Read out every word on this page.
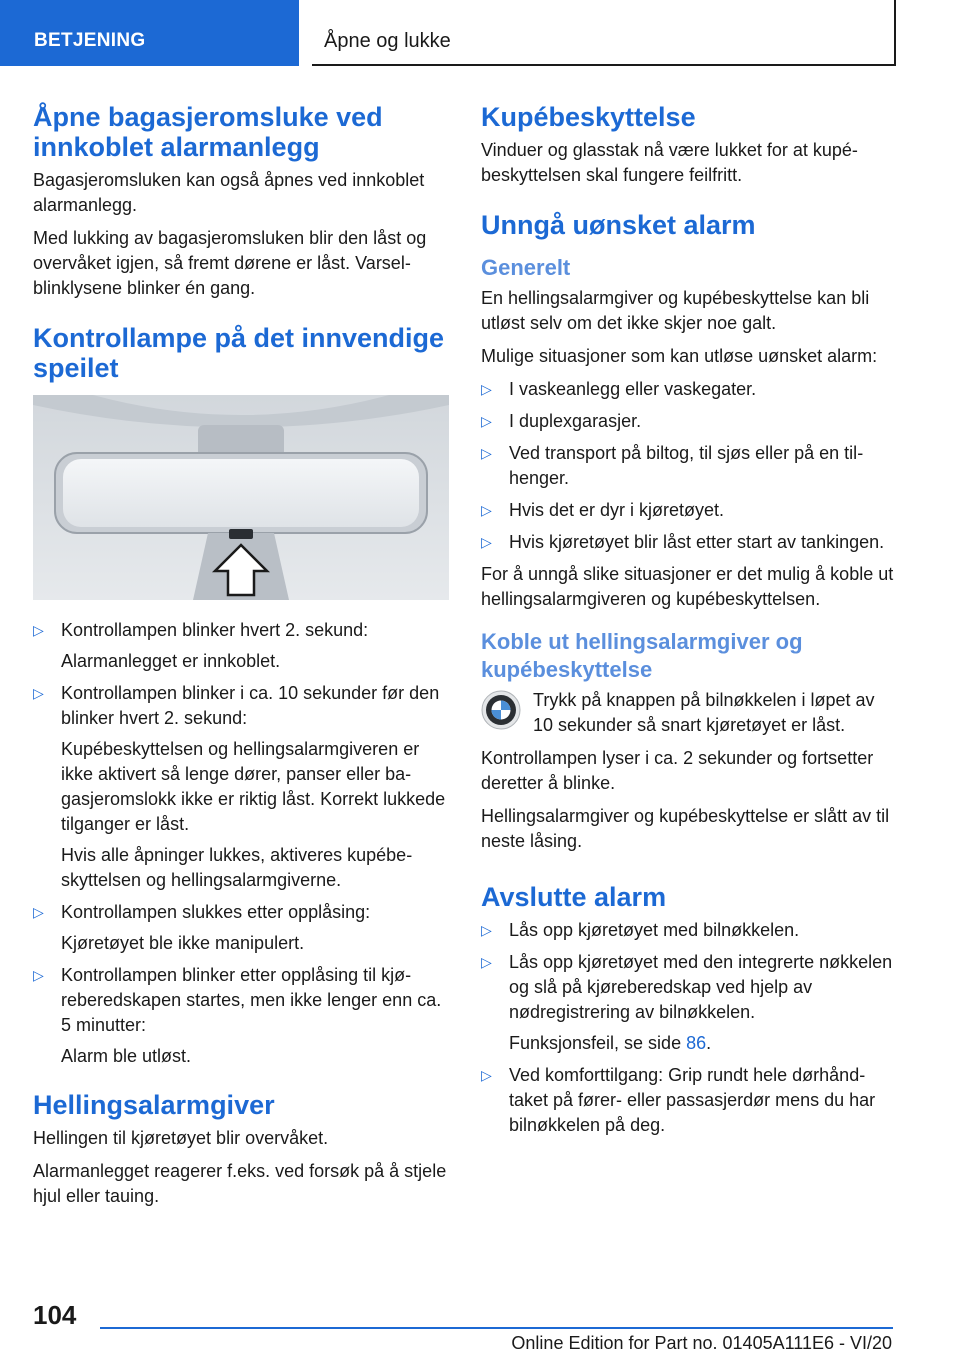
BETJENING	Åpne og lukke
Åpne bagasjeromsluke ved innkoblet alarmanlegg

Bagasjeromsluken kan også åpnes ved innkoblet alarmanlegg.

Med lukking av bagasjeromsluken blir den låst og overvåket igjen, så fremt dørene er låst. Varselblinklysene blinker én gang.

Kontrollampe på det innvendige speilet
▷ Kontrollampen blinker hvert 2. sekund:

Alarmanlegget er innkoblet.

▷ Kontrollampen blinker i ca. 10 sekunder før den blinker hvert 2. sekund:

Kupébeskyttelsen og hellingsalarmgiveren er ikke aktivert så lenge dører, panser eller bagasjeromslokk ikke er riktig låst. Korrekt lukkede tilganger er låst.

Hvis alle åpninger lukkes, aktiveres kupébeskyttelsen og hellingsalarmgiverne.

▷ Kontrollampen slukkes etter opplåsing:

Kjøretøyet ble ikke manipulert.

▷ Kontrollampen blinker etter opplåsing til kjøreberedskapen startes, men ikke lenger enn ca. 5 minutter:

Alarm ble utløst.

Hellingsalarmgiver

Hellingen til kjøretøyet blir overvåket.

Alarmanlegget reagerer f.eks. ved forsøk på å stjele hjul eller tauing.

Kupébeskyttelse

Vinduer og glasstak nå være lukket for at kupébeskyttelsen skal fungere feilfritt.

Unngå uønsket alarm
Generelt

En hellingsalarmgiver og kupébeskyttelse kan bli utløst selv om det ikke skjer noe galt.

Mulige situasjoner som kan utløse uønsket alarm:

▷ I vaskeanlegg eller vaskegater.
▷ I duplexgarasjer.
▷ Ved transport på biltog, til sjøs eller på en tilhenger.
▷ Hvis det er dyr i kjøretøyet.
▷ Hvis kjøretøyet blir låst etter start av tankingen.

For å unngå slike situasjoner er det mulig å koble ut hellingsalarmgiveren og kupébeskyttelsen.

Koble ut hellingsalarmgiver og kupébeskyttelse

Trykk på knappen på bilnøkkelen i løpet av 10 sekunder så snart kjøretøyet er låst.

Kontrollampen lyser i ca. 2 sekunder og fortsetter deretter å blinke.

Hellingsalarmgiver og kupébeskyttelse er slått av til neste låsing.

Avslutte alarm
▷ Lås opp kjøretøyet med bilnøkkelen.

▷ Lås opp kjøretøyet med den integrerte nøkkelen og slå på kjøreberedskap ved hjelp av nødregistrering av bilnøkkelen.

Funksjonsfeil, se side 86.

▷ Ved komforttilgang: Grip rundt hele dørhåndtaket på fører- eller passasjerdør mens du har bilnøkkelen på deg.

104
Online Edition for Part no. 01405A111E6 - VI/20
